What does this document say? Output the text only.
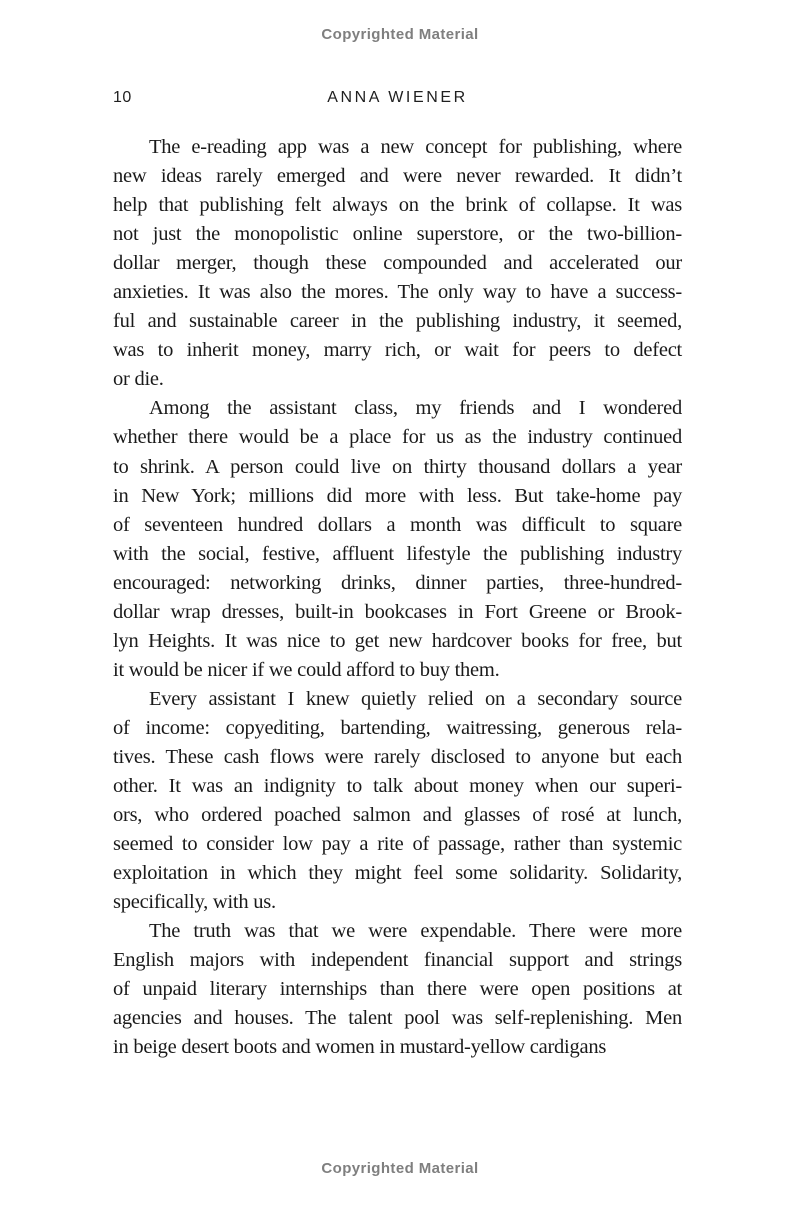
Copyrighted Material
10	ANNA WIENER
The e-reading app was a new concept for publishing, where
new ideas rarely emerged and were never rewarded. It didn’t
help that publishing felt always on the brink of collapse. It was
not just the monopolistic online superstore, or the two-billion-
dollar merger, though these compounded and accelerated our
anxieties. It was also the mores. The only way to have a success-
ful and sustainable career in the publishing industry, it seemed,
was to inherit money, marry rich, or wait for peers to defect
or die.
Among the assistant class, my friends and I wondered
whether there would be a place for us as the industry continued
to shrink. A person could live on thirty thousand dollars a year
in New York; millions did more with less. But take-home pay
of seventeen hundred dollars a month was difficult to square
with the social, festive, affluent lifestyle the publishing industry
encouraged: networking drinks, dinner parties, three-hundred-
dollar wrap dresses, built-in bookcases in Fort Greene or Brook-
lyn Heights. It was nice to get new hardcover books for free, but
it would be nicer if we could afford to buy them.
Every assistant I knew quietly relied on a secondary source
of income: copyediting, bartending, waitressing, generous rela-
tives. These cash flows were rarely disclosed to anyone but each
other. It was an indignity to talk about money when our superi-
ors, who ordered poached salmon and glasses of rosé at lunch,
seemed to consider low pay a rite of passage, rather than systemic
exploitation in which they might feel some solidarity. Solidarity,
specifically, with us.
The truth was that we were expendable. There were more
English majors with independent financial support and strings
of unpaid literary internships than there were open positions at
agencies and houses. The talent pool was self-replenishing. Men
in beige desert boots and women in mustard-yellow cardigans
Copyrighted Material
